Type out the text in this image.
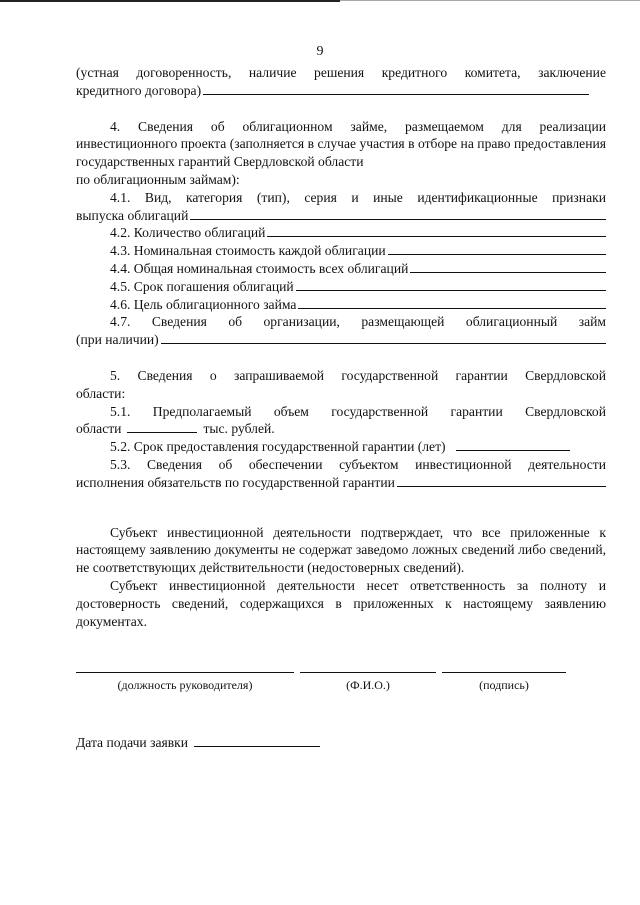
9

(устная договоренность, наличие решения кредитного комитета, заключение

кредитного договора)

4. Сведения об облигационном займе, размещаемом для реализации инвестиционного проекта (заполняется в случае участия в отборе на право предоставления государственных гарантий Свердловской области

по облигационным займам):

4.1. Вид, категория (тип), серия и иные идентификационные признаки

выпуска облигаций
4.2. Количество облигаций
4.3. Номинальная стоимость каждой облигации
4.4. Общая номинальная стоимость всех облигаций
4.5. Срок погашения облигаций
4.6. Цель облигационного займа

4.7. Сведения об организации, размещающей облигационный займ

(при наличии)

5. Сведения о запрашиваемой государственной гарантии Свердловской

области:

5.1. Предполагаемый объем государственной гарантии Свердловской

области	тыс. рублей.
5.2. Срок предоставления государственной гарантии (лет)

5.3. Сведения об обеспечении субъектом инвестиционной деятельности

исполнения обязательств по государственной гарантии

Субъект инвестиционной деятельности подтверждает, что все приложенные к настоящему заявлению документы не содержат заведомо ложных сведений либо сведений, не соответствующих действительности (недостоверных сведений).

Субъект инвестиционной деятельности несет ответственность за полноту и достоверность сведений, содержащихся в приложенных к настоящему заявлению документах.

(должность руководителя)	(Ф.И.О.)	(подпись)
Дата подачи заявки
